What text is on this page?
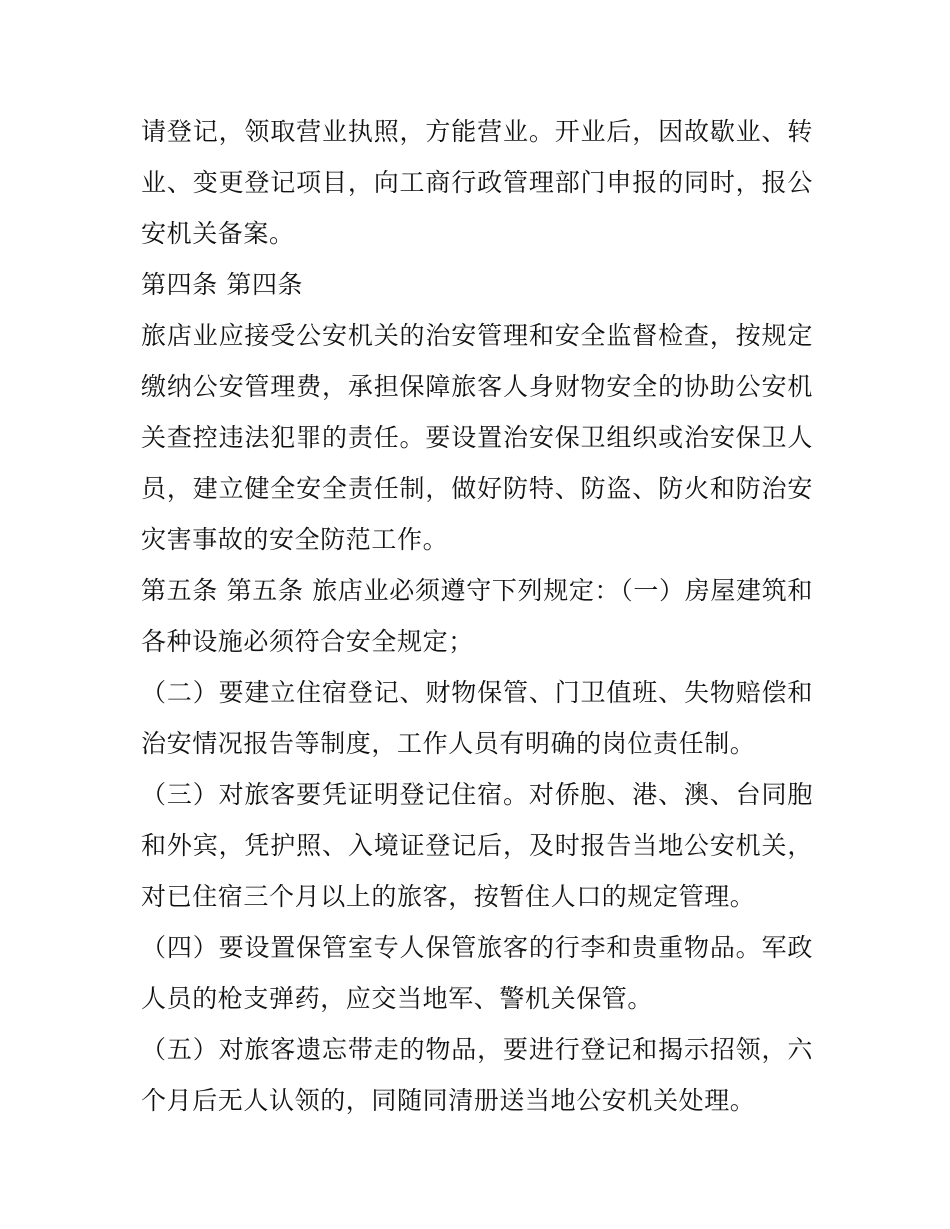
请登记，领取营业执照，方能营业。开业后，因故歇业、转业、变更登记项目，向工商行政管理部门申报的同时，报公安机关备案。

第四条 第四条

旅店业应接受公安机关的治安管理和安全监督检查，按规定缴纳公安管理费，承担保障旅客人身财物安全的协助公安机关查控违法犯罪的责任。要设置治安保卫组织或治安保卫人员，建立健全安全责任制，做好防特、防盗、防火和防治安灾害事故的安全防范工作。

第五条 第五条 旅店业必须遵守下列规定：（一）房屋建筑和各种设施必须符合安全规定；

（二）要建立住宿登记、财物保管、门卫值班、失物赔偿和治安情况报告等制度，工作人员有明确的岗位责任制。

（三）对旅客要凭证明登记住宿。对侨胞、港、澳、台同胞和外宾，凭护照、入境证登记后，及时报告当地公安机关，对已住宿三个月以上的旅客，按暂住人口的规定管理。

（四）要设置保管室专人保管旅客的行李和贵重物品。军政人员的枪支弹药，应交当地军、警机关保管。

（五）对旅客遗忘带走的物品，要进行登记和揭示招领，六个月后无人认领的，同随同清册送当地公安机关处理。
